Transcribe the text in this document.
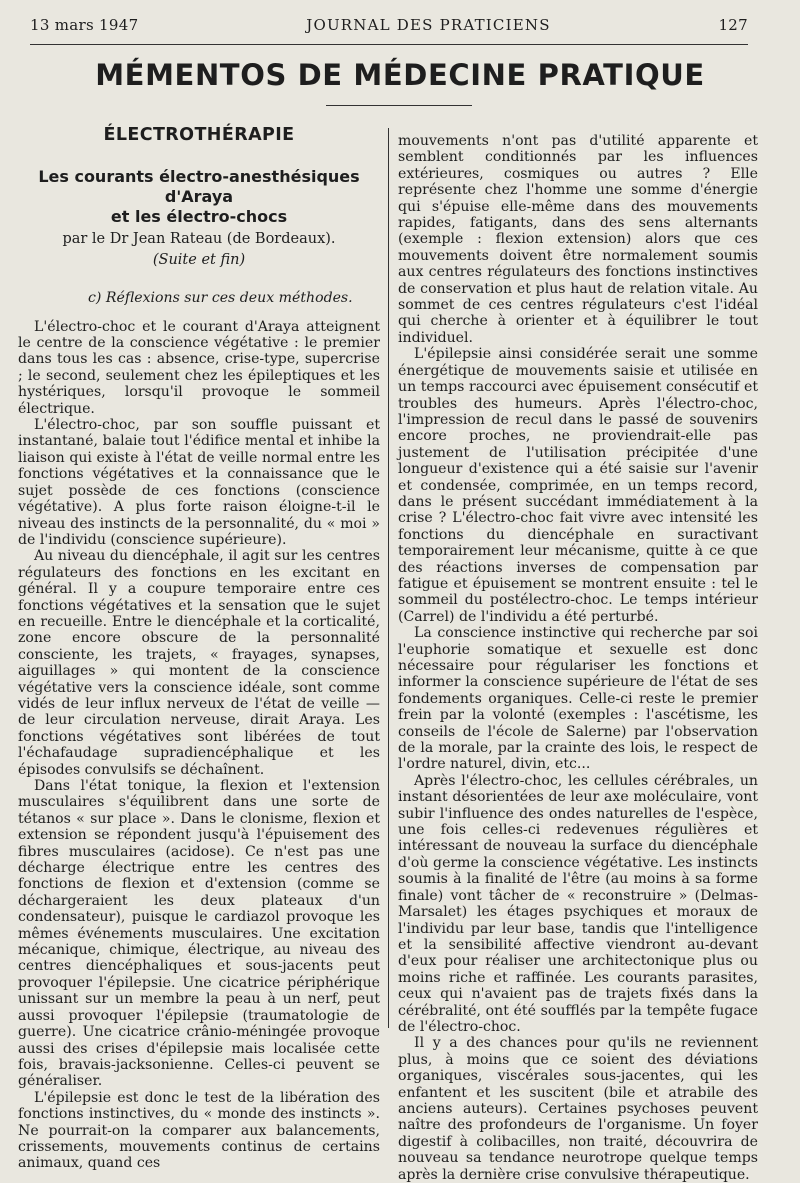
13 mars 1947	JOURNAL DES PRATICIENS	127
MÉMENTOS DE MÉDECINE PRATIQUE
ÉLECTROTHÉRAPIE
Les courants électro-anesthésiques d'Araya
et les électro-chocs
par le Dr Jean Rateau (de Bordeaux).
(Suite et fin)
c) Réflexions sur ces deux méthodes.

L'électro-choc et le courant d'Araya atteignent le centre de la conscience végétative : le premier dans tous les cas : absence, crise-type, supercrise ; le second, seulement chez les épileptiques et les hystériques, lorsqu'il provoque le sommeil électrique.

L'électro-choc, par son souffle puissant et instantané, balaie tout l'édifice mental et inhibe la liaison qui existe à l'état de veille normal entre les fonctions végétatives et la connaissance que le sujet possède de ces fonctions (conscience végétative). A plus forte raison éloigne-t-il le niveau des instincts de la personnalité, du « moi » de l'individu (conscience supérieure).

Au niveau du diencéphale, il agit sur les centres régulateurs des fonctions en les excitant en général. Il y a coupure temporaire entre ces fonctions végétatives et la sensation que le sujet en recueille. Entre le diencéphale et la corticalité, zone encore obscure de la personnalité consciente, les trajets, « frayages, synapses, aiguillages » qui montent de la conscience végétative vers la conscience idéale, sont comme vidés de leur influx nerveux de l'état de veille — de leur circulation nerveuse, dirait Araya. Les fonctions végétatives sont libérées de tout l'échafaudage supradiencéphalique et les épisodes convulsifs se déchaînent.

Dans l'état tonique, la flexion et l'extension musculaires s'équilibrent dans une sorte de tétanos « sur place ». Dans le clonisme, flexion et extension se répondent jusqu'à l'épuisement des fibres musculaires (acidose). Ce n'est pas une décharge électrique entre les centres des fonctions de flexion et d'extension (comme se déchargeraient les deux plateaux d'un condensateur), puisque le cardiazol provoque les mêmes événements musculaires. Une excitation mécanique, chimique, électrique, au niveau des centres diencéphaliques et sous-jacents peut provoquer l'épilepsie. Une cicatrice périphérique unissant sur un membre la peau à un nerf, peut aussi provoquer l'épilepsie (traumatologie de guerre). Une cicatrice crânio-méningée provoque aussi des crises d'épilepsie mais localisée cette fois, bravais-jacksonienne. Celles-ci peuvent se généraliser.

L'épilepsie est donc le test de la libération des fonctions instinctives, du « monde des instincts ». Ne pourrait-on la comparer aux balancements, crissements, mouvements continus de certains animaux, quand ces

mouvements n'ont pas d'utilité apparente et semblent conditionnés par les influences extérieures, cosmiques ou autres ? Elle représente chez l'homme une somme d'énergie qui s'épuise elle-même dans des mouvements rapides, fatigants, dans des sens alternants (exemple : flexion extension) alors que ces mouvements doivent être normalement soumis aux centres régulateurs des fonctions instinctives de conservation et plus haut de relation vitale. Au sommet de ces centres régulateurs c'est l'idéal qui cherche à orienter et à équilibrer le tout individuel.

L'épilepsie ainsi considérée serait une somme énergétique de mouvements saisie et utilisée en un temps raccourci avec épuisement consécutif et troubles des humeurs. Après l'électro-choc, l'impression de recul dans le passé de souvenirs encore proches, ne proviendrait-elle pas justement de l'utilisation précipitée d'une longueur d'existence qui a été saisie sur l'avenir et condensée, comprimée, en un temps record, dans le présent succédant immédiatement à la crise ? L'électro-choc fait vivre avec intensité les fonctions du diencéphale en suractivant temporairement leur mécanisme, quitte à ce que des réactions inverses de compensation par fatigue et épuisement se montrent ensuite : tel le sommeil du postélectro-choc. Le temps intérieur (Carrel) de l'individu a été perturbé.

La conscience instinctive qui recherche par soi l'euphorie somatique et sexuelle est donc nécessaire pour régulariser les fonctions et informer la conscience supérieure de l'état de ses fondements organiques. Celle-ci reste le premier frein par la volonté (exemples : l'ascétisme, les conseils de l'école de Salerne) par l'observation de la morale, par la crainte des lois, le respect de l'ordre naturel, divin, etc...

Après l'électro-choc, les cellules cérébrales, un instant désorientées de leur axe moléculaire, vont subir l'influence des ondes naturelles de l'espèce, une fois celles-ci redevenues régulières et intéressant de nouveau la surface du diencéphale d'où germe la conscience végétative. Les instincts soumis à la finalité de l'être (au moins à sa forme finale) vont tâcher de « reconstruire » (Delmas-Marsalet) les étages psychiques et moraux de l'individu par leur base, tandis que l'intelligence et la sensibilité affective viendront au-devant d'eux pour réaliser une architectonique plus ou moins riche et raffinée. Les courants parasites, ceux qui n'avaient pas de trajets fixés dans la cérébralité, ont été soufflés par la tempête fugace de l'électro-choc.

Il y a des chances pour qu'ils ne reviennent plus, à moins que ce soient des déviations organiques, viscérales sous-jacentes, qui les enfantent et les suscitent (bile et atrabile des anciens auteurs). Certaines psychoses peuvent naître des profondeurs de l'organisme. Un foyer digestif à colibacilles, non traité, découvrira de nouveau sa tendance neurotrope quelque temps après la dernière crise convulsive thérapeutique.
